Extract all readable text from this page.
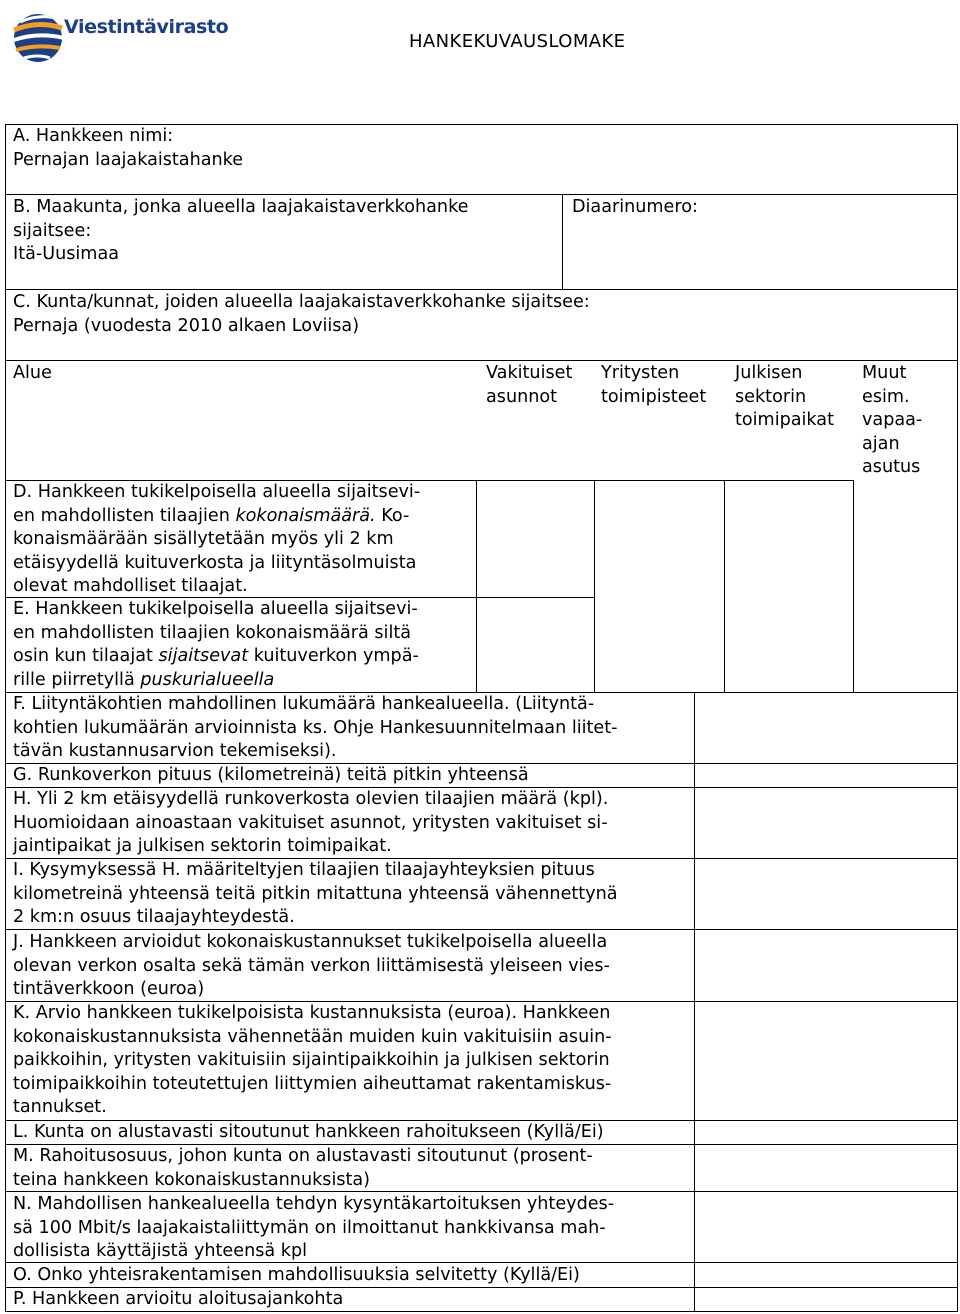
Viestintävirasto
HANKEKUVAUSLOMAKE
A. Hankkeen nimi:
Pernajan laajakaistahanke
B. Maakunta, jonka alueella laajakaistaverkkohanke
sijaitsee:
Itä-Uusimaa
Diaarinumero:
C. Kunta/kunnat, joiden alueella laajakaistaverkkohanke sijaitsee:
Pernaja (vuodesta 2010 alkaen Loviisa)
Alue	Vakituiset
asunnot
Yritysten
toimipisteet
Julkisen
sektorin
toimipaikat
Muut
esim.
vapaa-
ajan
asutus
D. Hankkeen tukikelpoisella alueella sijaitsevi-
en mahdollisten tilaajien kokonaismäärä. Ko-
konaismäärään sisällytetään myös yli 2 km
etäisyydellä kuituverkosta ja liityntäsolmuista
olevat mahdolliset tilaajat.
E. Hankkeen tukikelpoisella alueella sijaitsevi-
en mahdollisten tilaajien kokonaismäärä siltä
osin kun tilaajat sijaitsevat kuituverkon ympä-
rille piirretyllä puskurialueella
F. Liityntäkohtien mahdollinen lukumäärä hankealueella. (Liityntä-
kohtien lukumäärän arvioinnista ks. Ohje Hankesuunnitelmaan liitet-
tävän kustannusarvion tekemiseksi).
G. Runkoverkon pituus (kilometreinä) teitä pitkin yhteensä
H. Yli 2 km etäisyydellä runkoverkosta olevien tilaajien määrä (kpl).
Huomioidaan ainoastaan vakituiset asunnot, yritysten vakituiset si-
jaintipaikat ja julkisen sektorin toimipaikat.
I. Kysymyksessä H. määriteltyjen tilaajien tilaajayhteyksien pituus
kilometreinä yhteensä teitä pitkin mitattuna yhteensä vähennettynä
2 km:n osuus tilaajayhteydestä.
J. Hankkeen arvioidut kokonaiskustannukset tukikelpoisella alueella
olevan verkon osalta sekä tämän verkon liittämisestä yleiseen vies-
tintäverkkoon (euroa)
K. Arvio hankkeen tukikelpoisista kustannuksista (euroa). Hankkeen
kokonaiskustannuksista vähennetään muiden kuin vakituisiin asuin-
paikkoihin, yritysten vakituisiin sijaintipaikkoihin ja julkisen sektorin
toimipaikkoihin toteutettujen liittymien aiheuttamat rakentamiskus-
tannukset.
L. Kunta on alustavasti sitoutunut hankkeen rahoitukseen (Kyllä/Ei)
M. Rahoitusosuus, johon kunta on alustavasti sitoutunut (prosent-
teina hankkeen kokonaiskustannuksista)
N. Mahdollisen hankealueella tehdyn kysyntäkartoituksen yhteydes-
sä 100 Mbit/s laajakaistaliittymän on ilmoittanut hankkivansa mah-
dollisista käyttäjistä yhteensä kpl
O. Onko yhteisrakentamisen mahdollisuuksia selvitetty (Kyllä/Ei)
P. Hankkeen arvioitu aloitusajankohta
